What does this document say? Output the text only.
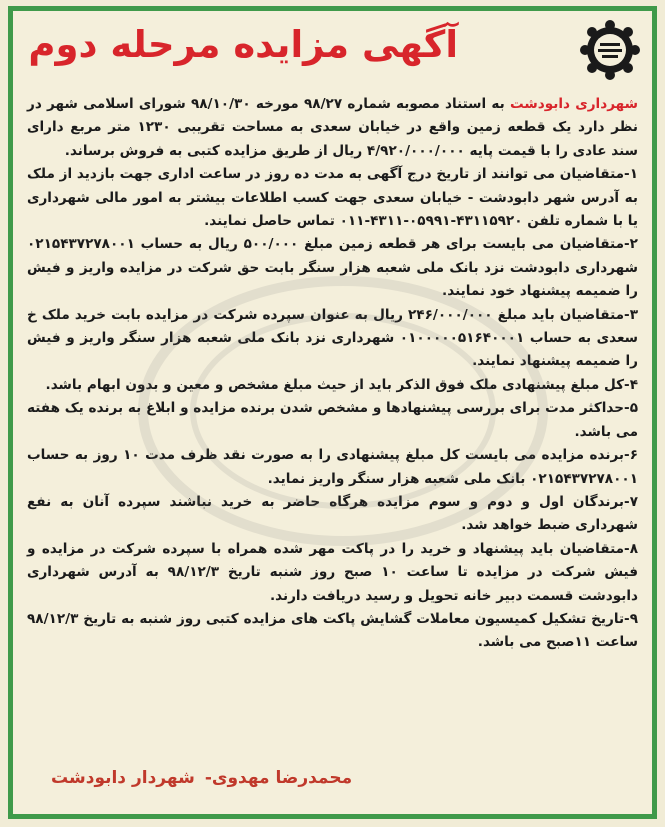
آگهی مزایده مرحله دوم

شهرداری دابودشت به استناد مصوبه شماره ۹۸/۲۷ مورخه ۹۸/۱۰/۳۰ شورای اسلامی شهر در نظر دارد یک قطعه زمین واقع در خیابان سعدی به مساحت تقریبی ۱۲۳۰ متر مربع دارای سند عادی را با قیمت پایه ۴/۹۲۰/۰۰۰/۰۰۰ ریال از طریق مزایده کتبی به فروش برساند.

۱-متقاضیان می توانند از تاریخ درج آگهی به مدت ده روز در ساعت اداری جهت بازدید از ملک به آدرس شهر دابودشت - خیابان سعدی جهت کسب اطلاعات بیشتر به امور مالی شهرداری یا با شماره تلفن ۴۳۱۱۵۹۲۰-۰۵۹۹۱-۴۳۱۱-۰۱۱ تماس حاصل نمایند.

۲-متقاضیان می بایست برای هر قطعه زمین مبلغ ۵۰۰/۰۰۰ ریال به حساب ۰۲۱۵۴۳۷۲۷۸۰۰۱ شهرداری دابودشت نزد بانک ملی شعبه هزار سنگر بابت حق شرکت در مزایده واریز و فیش را ضمیمه پیشنهاد خود نمایند.

۳-متقاضیان باید مبلغ ۲۴۶/۰۰۰/۰۰۰ ریال به عنوان سپرده شرکت در مزایده بابت خرید ملک خ سعدی به حساب ۰۱۰۰۰۰۰۵۱۶۴۰۰۰۱ شهرداری نزد بانک ملی شعبه هزار سنگر واریز و فیش را ضمیمه پیشنهاد نمایند.

۴-کل مبلغ پیشنهادی ملک فوق الذکر باید از حیث مبلغ مشخص و معین و بدون ابهام باشد.

۵-حداکثر مدت برای بررسی پیشنهادها و مشخص شدن برنده مزایده و ابلاغ به برنده یک هفته می باشد.

۶-برنده مزایده می بایست کل مبلغ پیشنهادی را به صورت نقد ظرف مدت ۱۰ روز به حساب ۰۲۱۵۴۳۷۲۷۸۰۰۱ بانک ملی شعبه هزار سنگر واریز نماید.

۷-برندگان اول و دوم و سوم مزایده هرگاه حاضر به خرید نباشند سپرده آنان به نفع شهرداری ضبط خواهد شد.

۸-متقاضیان باید پیشنهاد و خرید را در پاکت مهر شده همراه با سپرده شرکت در مزایده و فیش شرکت در مزایده تا ساعت ۱۰ صبح روز شنبه تاریخ ۹۸/۱۲/۳ به آدرس شهرداری دابودشت قسمت دبیر خانه تحویل و رسید دریافت دارند.

۹-تاریخ تشکیل کمیسیون معاملات گشایش پاکت های مزایده کتبی روز شنبه به تاریخ ۹۸/۱۲/۳ ساعت ۱۱صبح می باشد.

محمدرضا مهدوی-شهردار دابودشت
